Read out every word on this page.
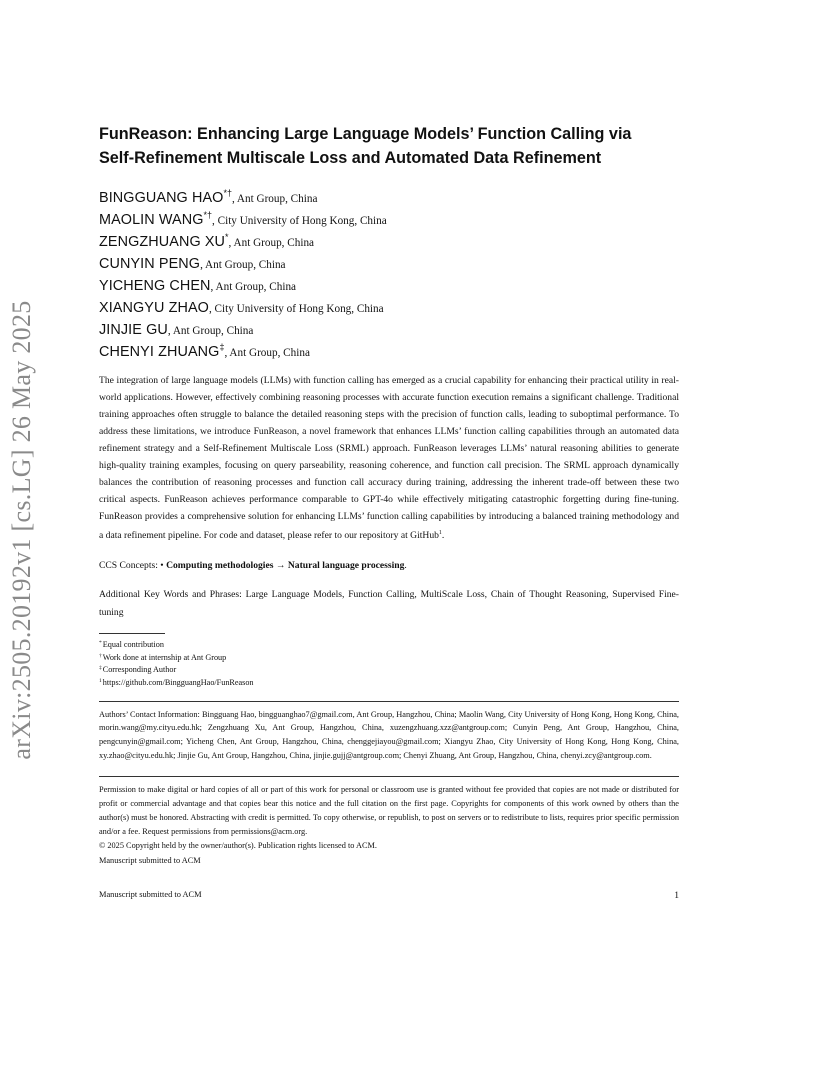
arXiv:2505.20192v1 [cs.LG] 26 May 2025
FunReason: Enhancing Large Language Models’ Function Calling via
Self-Refinement Multiscale Loss and Automated Data Refinement
BINGGUANG HAO*†, Ant Group, China
MAOLIN WANG*†, City University of Hong Kong, China
ZENGZHUANG XU*, Ant Group, China
CUNYIN PENG, Ant Group, China
YICHENG CHEN, Ant Group, China
XIANGYU ZHAO, City University of Hong Kong, China
JINJIE GU, Ant Group, China
CHENYI ZHUANG‡, Ant Group, China
The integration of large language models (LLMs) with function calling has emerged as a crucial capability for enhancing their practical utility in real-world applications. However, effectively combining reasoning processes with accurate function execution remains a significant challenge. Traditional training approaches often struggle to balance the detailed reasoning steps with the precision of function calls, leading to suboptimal performance. To address these limitations, we introduce FunReason, a novel framework that enhances LLMs’ function calling capabilities through an automated data refinement strategy and a Self-Refinement Multiscale Loss (SRML) approach. FunReason leverages LLMs’ natural reasoning abilities to generate high-quality training examples, focusing on query parseability, reasoning coherence, and function call precision. The SRML approach dynamically balances the contribution of reasoning processes and function call accuracy during training, addressing the inherent trade-off between these two critical aspects. FunReason achieves performance comparable to GPT-4o while effectively mitigating catastrophic forgetting during fine-tuning. FunReason provides a comprehensive solution for enhancing LLMs’ function calling capabilities by introducing a balanced training methodology and a data refinement pipeline. For code and dataset, please refer to our repository at GitHub$^1$.
CCS Concepts: • Computing methodologies → Natural language processing.
Additional Key Words and Phrases: Large Language Models, Function Calling, MultiScale Loss, Chain of Thought Reasoning, Supervised Fine-tuning
*Equal contribution
†Work done at internship at Ant Group
‡Corresponding Author
$^1$https://github.com/BingguangHao/FunReason
Authors’ Contact Information: Bingguang Hao, bingguanghao7@gmail.com, Ant Group, Hangzhou, China; Maolin Wang, City University of Hong Kong, Hong Kong, China, morin.wang@my.cityu.edu.hk; Zengzhuang Xu, Ant Group, Hangzhou, China, xuzengzhuang.xzz@antgroup.com; Cunyin Peng, Ant Group, Hangzhou, China, pengcunyin@gmail.com; Yicheng Chen, Ant Group, Hangzhou, China, chenggejiayou@gmail.com; Xiangyu Zhao, City University of Hong Kong, Hong Kong, China, xy.zhao@cityu.edu.hk; Jinjie Gu, Ant Group, Hangzhou, China, jinjie.gujj@antgroup.com; Chenyi Zhuang, Ant Group, Hangzhou, China, chenyi.zcy@antgroup.com.
Permission to make digital or hard copies of all or part of this work for personal or classroom use is granted without fee provided that copies are not made or distributed for profit or commercial advantage and that copies bear this notice and the full citation on the first page. Copyrights for components of this work owned by others than the author(s) must be honored. Abstracting with credit is permitted. To copy otherwise, or republish, to post on servers or to redistribute to lists, requires prior specific permission and/or a fee. Request permissions from permissions@acm.org.
© 2025 Copyright held by the owner/author(s). Publication rights licensed to ACM.
Manuscript submitted to ACM
Manuscript submitted to ACM	1
